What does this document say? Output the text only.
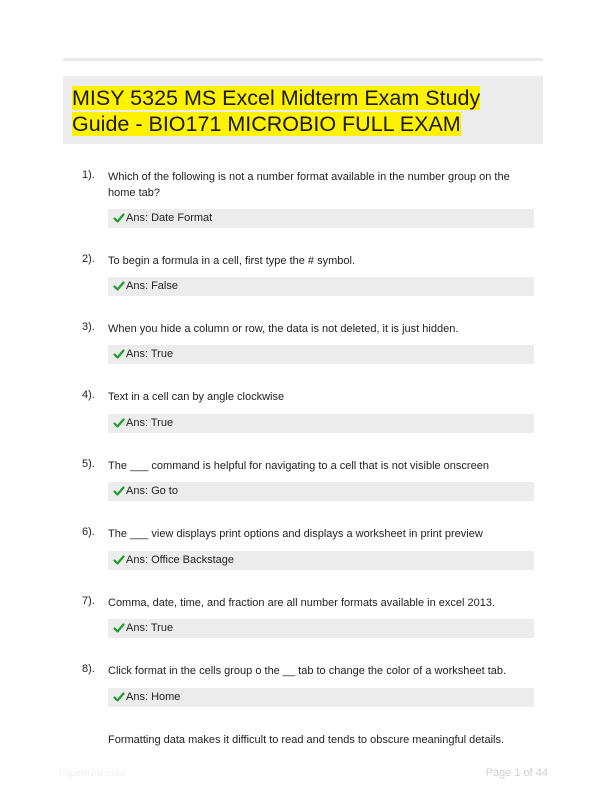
MISY 5325 MS Excel Midterm Exam Study Guide - BIO171 MICROBIO FULL EXAM
1). Which of the following is not a number format available in the number group on the home tab?
Ans: Date Format
2). To begin a formula in a cell, first type the # symbol.
Ans: False
3). When you hide a column or row, the data is not deleted, it is just hidden.
Ans: True
4). Text in a cell can by angle clockwise
Ans: True
5). The ___ command is helpful for navigating to a cell that is not visible onscreen
Ans: Go to
6). The ___ view displays print options and displays a worksheet in print preview
Ans: Office Backstage
7). Comma, date, time, and fraction are all number formats available in excel 2013.
Ans: True
8). Click format in the cells group o the __ tab to change the color of a worksheet tab.
Ans: Home
Formatting data makes it difficult to read and tends to obscure meaningful details.
Papertrbic.com	Page 1 of 44
